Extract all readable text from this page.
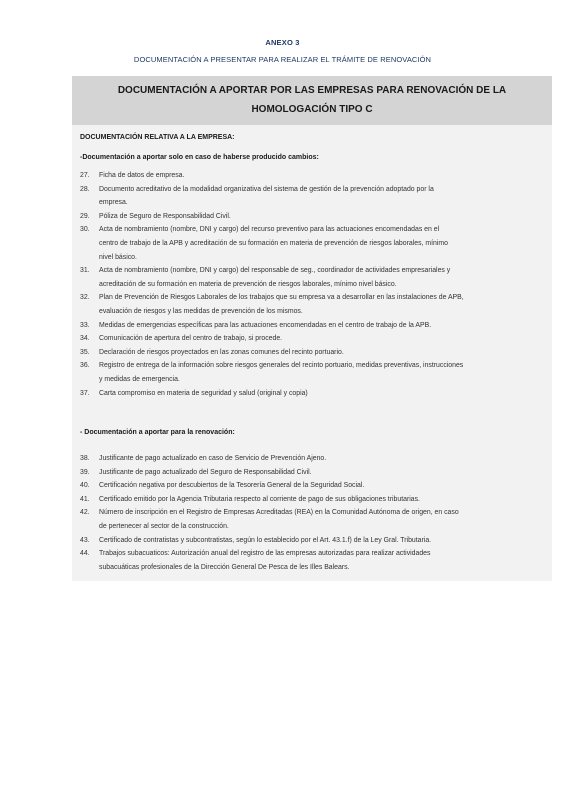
ANEXO 3
DOCUMENTACIÓN A PRESENTAR PARA REALIZAR EL TRÁMITE DE RENOVACIÓN
DOCUMENTACIÓN A APORTAR POR LAS EMPRESAS PARA RENOVACIÓN DE LA
HOMOLOGACIÓN TIPO C
DOCUMENTACIÓN RELATIVA A LA EMPRESA:
-Documentación a aportar solo en caso de haberse producido cambios:
27.	Ficha de datos de empresa.
28.	Documento acreditativo de la modalidad organizativa del sistema de gestión de la prevención adoptado por la
empresa.
29.	Póliza de Seguro de Responsabilidad Civil.
30.	Acta de nombramiento (nombre, DNI y cargo) del recurso preventivo para las actuaciones encomendadas en el
centro de trabajo de la APB y acreditación de su formación en materia de prevención de riesgos laborales, mínimo
nivel básico.
31.	Acta de nombramiento (nombre, DNI y cargo) del responsable de seg., coordinador de actividades empresariales y
acreditación de su formación en materia de prevención de riesgos laborales, mínimo nivel básico.
32.	Plan de Prevención de Riesgos Laborales de los trabajos que su empresa va a desarrollar en las instalaciones de APB,
evaluación de riesgos y las medidas de prevención de los mismos.
33.	Medidas de emergencias específicas para las actuaciones encomendadas en el centro de trabajo de la APB.
34.	Comunicación de apertura del centro de trabajo, si procede.
35.	Declaración de riesgos proyectados en las zonas comunes del recinto portuario.
36.	Registro de entrega de la información sobre riesgos generales del recinto portuario, medidas preventivas, instrucciones
y medidas de emergencia.
37.	Carta compromiso en materia de seguridad y salud (original y copia)
- Documentación a aportar para la renovación:
38.	Justificante de pago actualizado en caso de Servicio de Prevención Ajeno.
39.	Justificante de pago actualizado del Seguro de Responsabilidad Civil.
40.	Certificación negativa por descubiertos de la Tesorería General de la Seguridad Social.
41.	Certificado emitido por la Agencia Tributaria respecto al corriente de pago de sus obligaciones tributarias.
42.	Número de inscripción en el Registro de Empresas Acreditadas (REA) en la Comunidad Autónoma de origen, en caso
de pertenecer al sector de la construcción.
43.	Certificado de contratistas y subcontratistas, según lo establecido por el Art. 43.1.f) de la Ley Gral. Tributaria.
44.	Trabajos subacuaticos: Autorización anual del registro de las empresas autorizadas para realizar actividades
subacuáticas profesionales de la Dirección General De Pesca de les Illes Balears.
